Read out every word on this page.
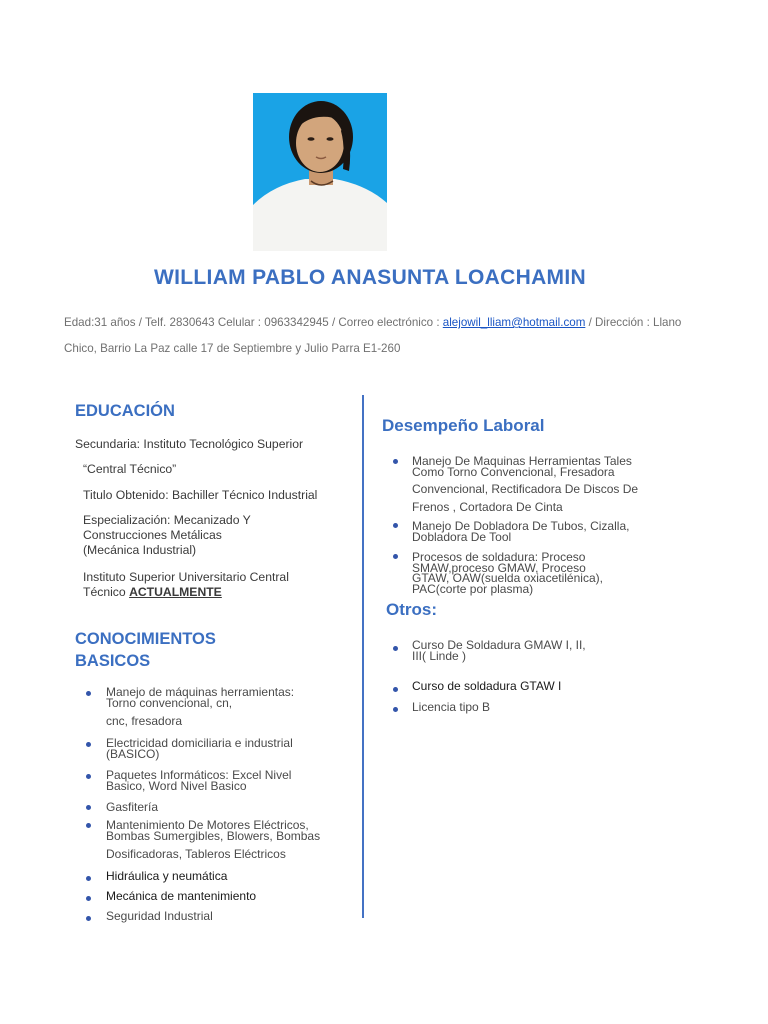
WILLIAM PABLO ANASUNTA LOACHAMIN
Edad:31 años / Telf. 2830643 Celular : 0963342945 / Correo electrónico : alejowil_lliam@hotmail.com / Dirección : Llano
Chico, Barrio La Paz calle 17 de Septiembre y Julio Parra E1-260
EDUCACIÓN
Secundaria: Instituto Tecnológico Superior
“Central Técnico”
Titulo Obtenido: Bachiller Técnico Industrial
Especialización: Mecanizado Y
Construcciones Metálicas
(Mecánica Industrial)
Instituto Superior Universitario Central
Técnico ACTUALMENTE
CONOCIMIENTOS
BASICOS
Manejo de máquinas herramientas:
Torno convencional, cn,
cnc, fresadora
Electricidad domiciliaria e industrial
(BASICO)
Paquetes Informáticos: Excel Nivel
Basico, Word Nivel Basico
Gasfitería
Mantenimiento De Motores Eléctricos,
Bombas Sumergibles, Blowers, Bombas
Dosificadoras, Tableros Eléctricos
Hidráulica y neumática
Mecánica de mantenimiento
Seguridad Industrial
Desempeño Laboral
Manejo De Maquinas Herramientas Tales
Como Torno Convencional, Fresadora
Convencional, Rectificadora De Discos De
Frenos , Cortadora De Cinta
Manejo De Dobladora De Tubos, Cizalla,
Dobladora De Tool
Procesos de soldadura: Proceso
SMAW,proceso GMAW, Proceso
GTAW, OAW(suelda oxiacetilénica),
PAC(corte por plasma)
Otros:
Curso De Soldadura GMAW I, II,
III( Linde )
Curso de soldadura GTAW I
Licencia tipo B
